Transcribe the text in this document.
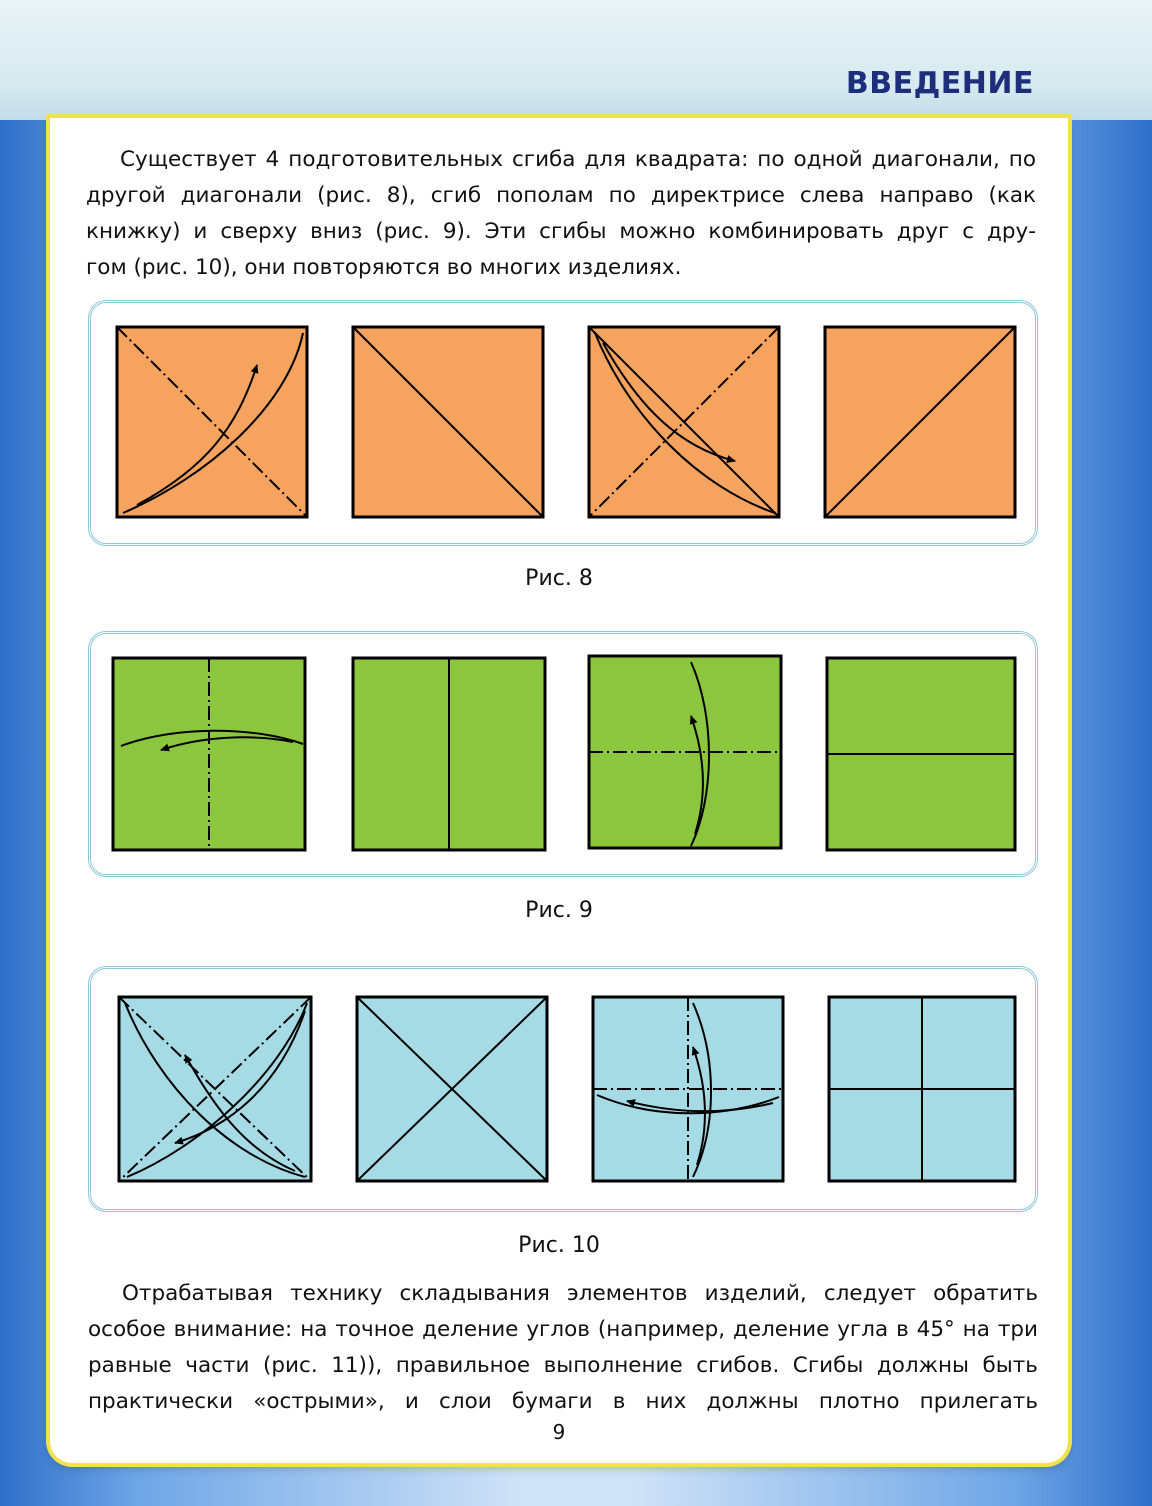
ВВЕДЕНИЕ

Существует 4 подготовительных сгиба для квадрата: по одной диагонали, по другой диагонали (рис. 8), сгиб пополам по директрисе слева направо (как книжку) и сверху вниз (рис. 9). Эти сгибы можно комбинировать друг с дру-
гом (рис. 10), они повторяются во многих изделиях.

Рис. 8
Рис. 9
Рис. 10

Отрабатывая технику складывания элементов изделий, следует обратить особое внимание: на точное деление углов (например, деление угла в 45° на три равные части (рис. 11)), правильное выполнение сгибов. Сгибы должны быть практически «острыми», и слои бумаги в них должны плотно прилегать

9
